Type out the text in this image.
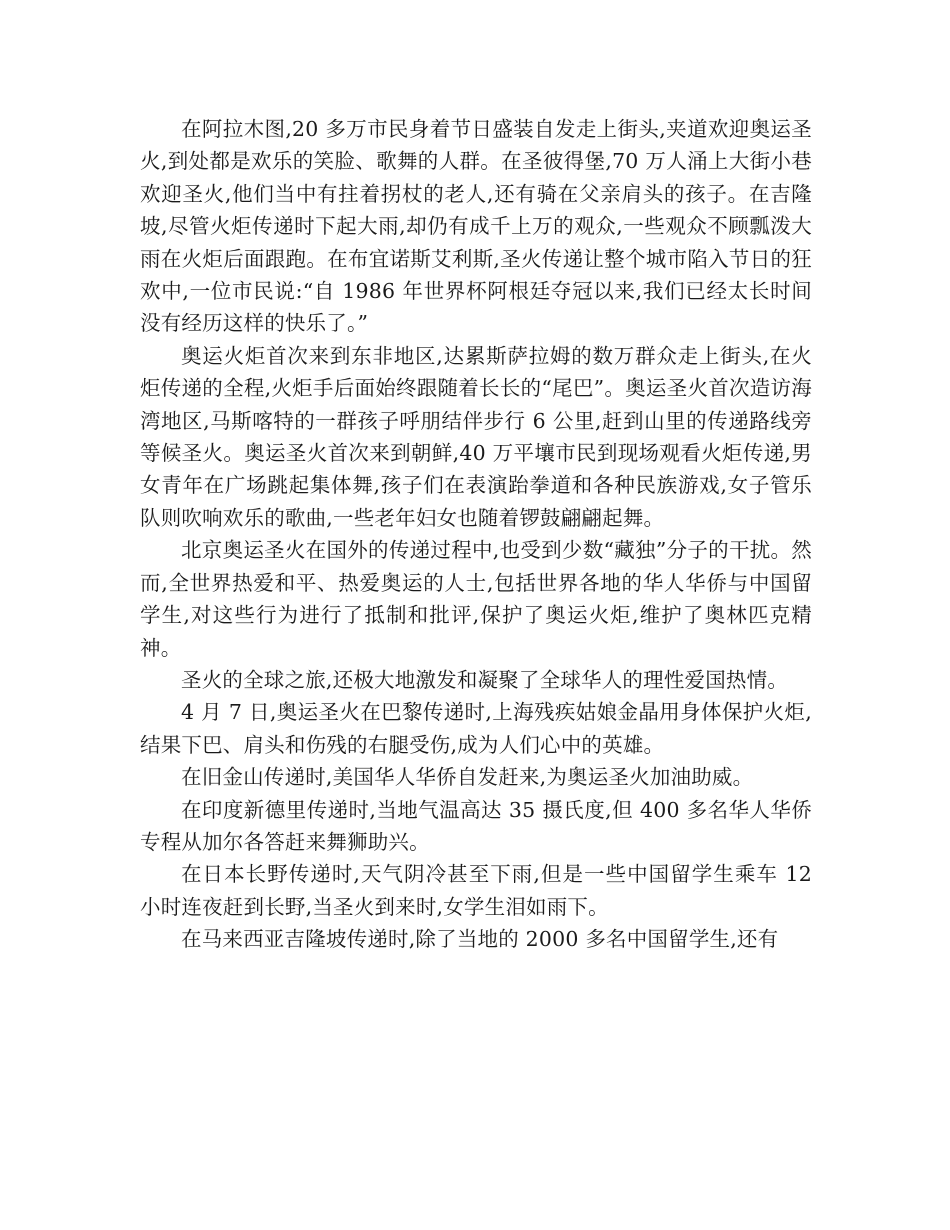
在阿拉木图,20 多万市民身着节日盛装自发走上街头,夹道欢迎奥运圣火,到处都是欢乐的笑脸、歌舞的人群。在圣彼得堡,70 万人涌上大街小巷欢迎圣火,他们当中有拄着拐杖的老人,还有骑在父亲肩头的孩子。在吉隆坡,尽管火炬传递时下起大雨,却仍有成千上万的观众,一些观众不顾瓢泼大雨在火炬后面跟跑。在布宜诺斯艾利斯,圣火传递让整个城市陷入节日的狂欢中,一位市民说:“自 1986 年世界杯阿根廷夺冠以来,我们已经太长时间没有经历这样的快乐了。”

奥运火炬首次来到东非地区,达累斯萨拉姆的数万群众走上街头,在火炬传递的全程,火炬手后面始终跟随着长长的“尾巴”。奥运圣火首次造访海湾地区,马斯喀特的一群孩子呼朋结伴步行 6 公里,赶到山里的传递路线旁等候圣火。奥运圣火首次来到朝鲜,40 万平壤市民到现场观看火炬传递,男女青年在广场跳起集体舞,孩子们在表演跆拳道和各种民族游戏,女子管乐队则吹响欢乐的歌曲,一些老年妇女也随着锣鼓翩翩起舞。

北京奥运圣火在国外的传递过程中,也受到少数“藏独”分子的干扰。然而,全世界热爱和平、热爱奥运的人士,包括世界各地的华人华侨与中国留学生,对这些行为进行了抵制和批评,保护了奥运火炬,维护了奥林匹克精神。

圣火的全球之旅,还极大地激发和凝聚了全球华人的理性爱国热情。

4 月 7 日,奥运圣火在巴黎传递时,上海残疾姑娘金晶用身体保护火炬,结果下巴、肩头和伤残的右腿受伤,成为人们心中的英雄。

在旧金山传递时,美国华人华侨自发赶来,为奥运圣火加油助威。

在印度新德里传递时,当地气温高达 35 摄氏度,但 400 多名华人华侨专程从加尔各答赶来舞狮助兴。

在日本长野传递时,天气阴冷甚至下雨,但是一些中国留学生乘车 12 小时连夜赶到长野,当圣火到来时,女学生泪如雨下。

在马来西亚吉隆坡传递时,除了当地的 2000 多名中国留学生,还有
